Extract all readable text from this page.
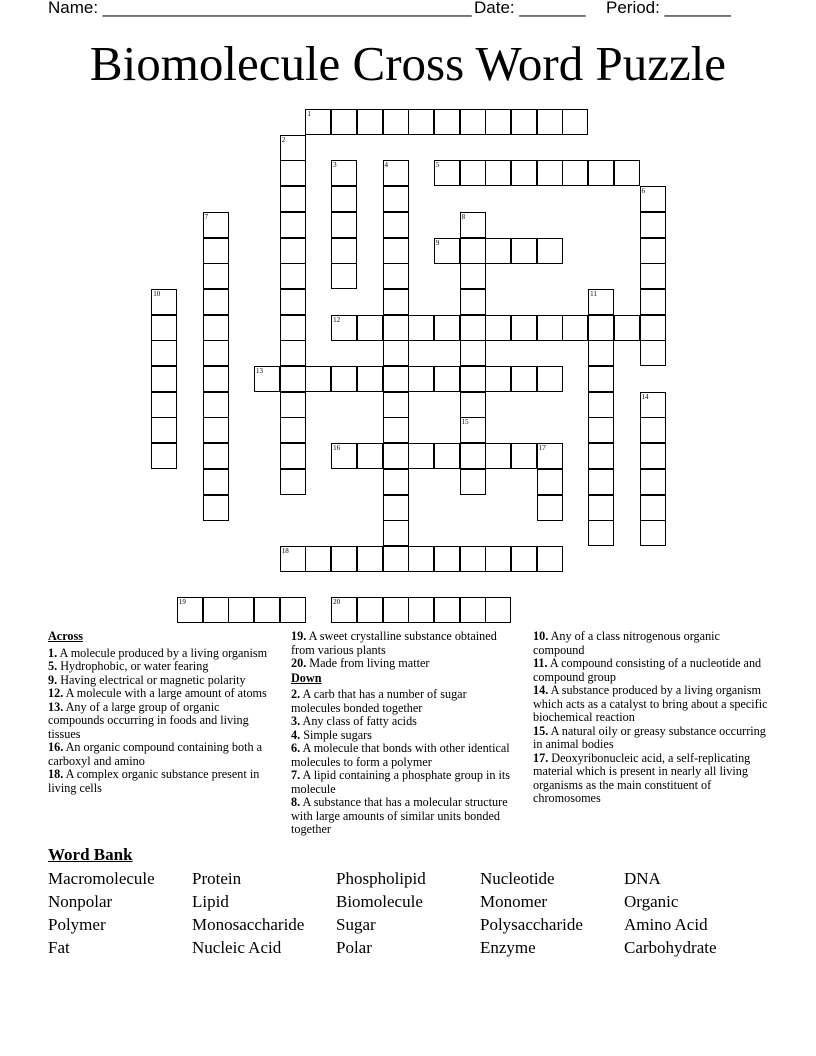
Name: _______________________________________ Date: _______ Period: _______
Biomolecule Cross Word Puzzle
1
2
3	4	5
6
7	8
15
9
10	11
12
13
14
16	17
18
19	20

Across

1. A molecule produced by a living organism

5. Hydrophobic, or water fearing

9. Having electrical or magnetic polarity

12. A molecule with a large amount of atoms

13. Any of a large group of organic compounds occurring in foods and living tissues

16. An organic compound containing both a carboxyl and amino

18. A complex organic substance present in living cells

19. A sweet crystalline substance obtained from various plants

20. Made from living matter

Down

2. A carb that has a number of sugar molecules bonded together

3. Any class of fatty acids

4. Simple sugars

6. A molecule that bonds with other identical molecules to form a polymer

7. A lipid containing a phosphate group in its molecule

8. A substance that has a molecular structure with large amounts of similar units bonded together

10. Any of a class nitrogenous organic compound

11. A compound consisting of a nucleotide and compound group

14. A substance produced by a living organism which acts as a catalyst to bring about a specific biochemical reaction

15. A natural oily or greasy substance occurring in animal bodies

17. Deoxyribonucleic acid, a self-replicating material which is present in nearly all living organisms as the main constituent of chromosomes

Word Bank

Macromolecule	Protein	Phospholipid	Nucleotide	DNA
Nonpolar	Lipid	Biomolecule	Monomer	Organic
Polymer	Monosaccharide	Sugar	Polysaccharide	Amino Acid
Fat	Nucleic Acid	Polar	Enzyme	Carbohydrate
